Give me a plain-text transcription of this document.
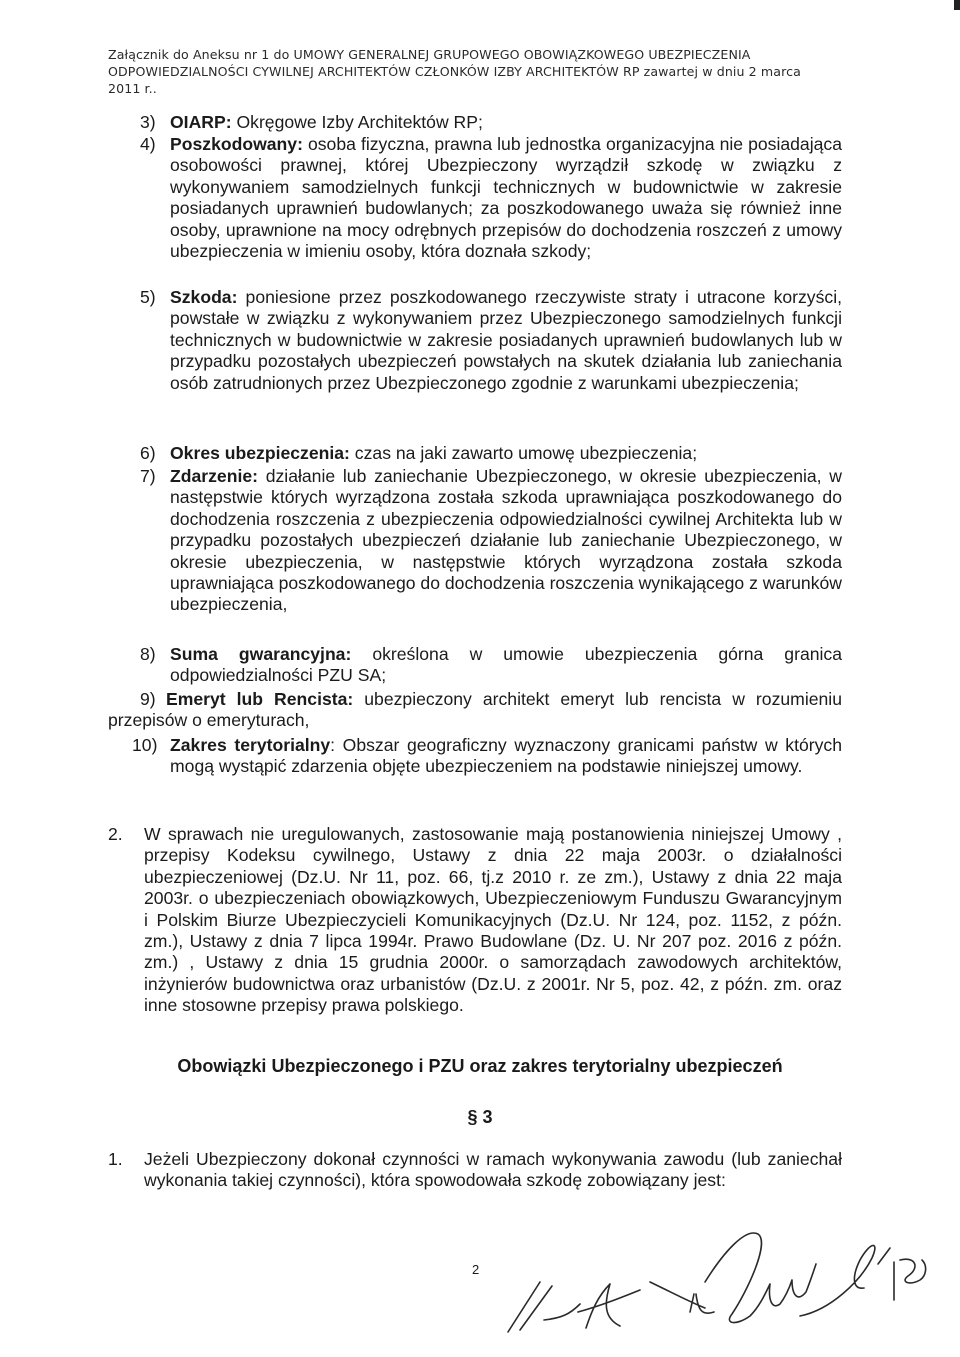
Załącznik do Aneksu nr 1 do UMOWY GENERALNEJ GRUPOWEGO OBOWIĄZKOWEGO UBEZPIECZENIA
ODPOWIEDZIALNOŚCI CYWILNEJ ARCHITEKTÓW CZŁONKÓW IZBY ARCHITEKTÓW RP zawartej w dniu 2 marca
2011 r..
3) OIARP: Okręgowe Izby Architektów RP;
4) Poszkodowany: osoba fizyczna, prawna lub jednostka organizacyjna nie posiadająca osobowości prawnej, której Ubezpieczony wyrządził szkodę w związku z wykonywaniem samodzielnych funkcji technicznych w budownictwie w zakresie posiadanych uprawnień budowlanych; za poszkodowanego uważa się również inne osoby, uprawnione na mocy odrębnych przepisów do dochodzenia roszczeń z umowy ubezpieczenia w imieniu osoby, która doznała szkody;
5) Szkoda: poniesione przez poszkodowanego rzeczywiste straty i utracone korzyści, powstałe w związku z wykonywaniem przez Ubezpieczonego samodzielnych funkcji technicznych w budownictwie w zakresie posiadanych uprawnień budowlanych lub w przypadku pozostałych ubezpieczeń powstałych na skutek działania lub zaniechania osób zatrudnionych przez Ubezpieczonego zgodnie z warunkami ubezpieczenia;
6) Okres ubezpieczenia: czas na jaki zawarto umowę ubezpieczenia;
7) Zdarzenie: działanie lub zaniechanie Ubezpieczonego, w okresie ubezpieczenia, w następstwie których wyrządzona została szkoda uprawniająca poszkodowanego do dochodzenia roszczenia z ubezpieczenia odpowiedzialności cywilnej Architekta lub w przypadku pozostałych ubezpieczeń działanie lub zaniechanie Ubezpieczonego, w okresie ubezpieczenia, w następstwie których wyrządzona została szkoda uprawniająca poszkodowanego do dochodzenia roszczenia wynikającego z warunków ubezpieczenia,
8) Suma gwarancyjna: określona w umowie ubezpieczenia górna granica odpowiedzialności PZU SA;
9) Emeryt lub Rencista: ubezpieczony architekt emeryt lub rencista w rozumieniu przepisów o emeryturach,
10) Zakres terytorialny: Obszar geograficzny wyznaczony granicami państw w których mogą wystąpić zdarzenia objęte ubezpieczeniem na podstawie niniejszej umowy.
2. W sprawach nie uregulowanych, zastosowanie mają postanowienia niniejszej Umowy , przepisy Kodeksu cywilnego, Ustawy z dnia 22 maja 2003r. o działalności ubezpieczeniowej (Dz.U. Nr 11, poz. 66, tj.z 2010 r. ze zm.), Ustawy z dnia 22 maja 2003r. o ubezpieczeniach obowiązkowych, Ubezpieczeniowym Funduszu Gwarancyjnym i Polskim Biurze Ubezpieczycieli Komunikacyjnych (Dz.U. Nr 124, poz. 1152, z późn. zm.), Ustawy z dnia 7 lipca 1994r. Prawo Budowlane (Dz. U. Nr 207 poz. 2016 z późn. zm.) , Ustawy z dnia 15 grudnia 2000r. o samorządach zawodowych architektów, inżynierów budownictwa oraz urbanistów (Dz.U. z 2001r. Nr 5, poz. 42, z późn. zm. oraz inne stosowne przepisy prawa polskiego.
Obowiązki Ubezpieczonego i PZU oraz zakres terytorialny ubezpieczeń
§ 3
1. Jeżeli Ubezpieczony dokonał czynności w ramach wykonywania zawodu (lub zaniechał wykonania takiej czynności), która spowodowała szkodę zobowiązany jest:
2
